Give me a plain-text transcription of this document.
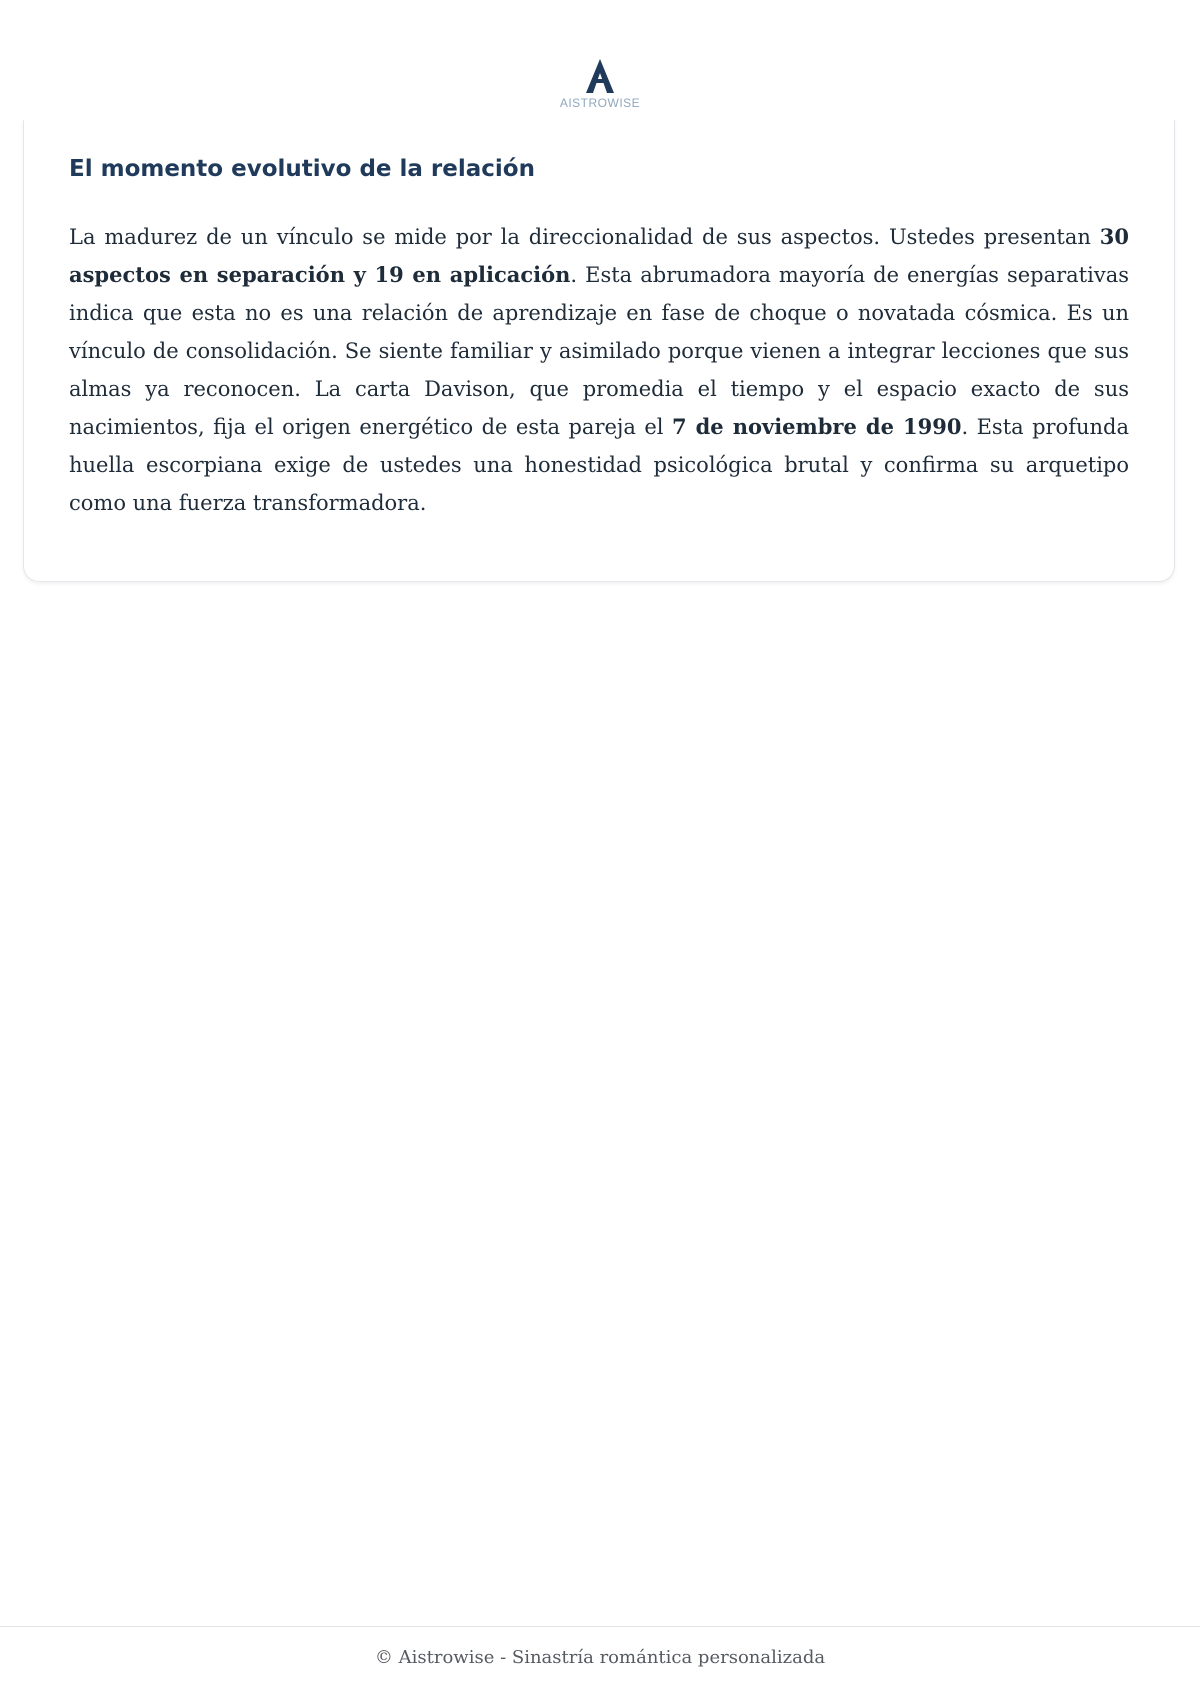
AISTROWISE
El momento evolutivo de la relación

La madurez de un vínculo se mide por la direccionalidad de sus aspectos. Ustedes presentan 30 aspectos en separación y 19 en aplicación. Esta abrumadora mayoría de energías separativas indica que esta no es una relación de aprendizaje en fase de choque o novatada cósmica. Es un vínculo de consolidación. Se siente familiar y asimilado porque vienen a integrar lecciones que sus almas ya reconocen. La carta Davison, que promedia el tiempo y el espacio exacto de sus nacimientos, fija el origen energético de esta pareja el 7 de noviembre de 1990. Esta profunda huella escorpiana exige de ustedes una honestidad psicológica brutal y confirma su arquetipo como una fuerza transformadora.

© Aistrowise - Sinastría romántica personalizada
